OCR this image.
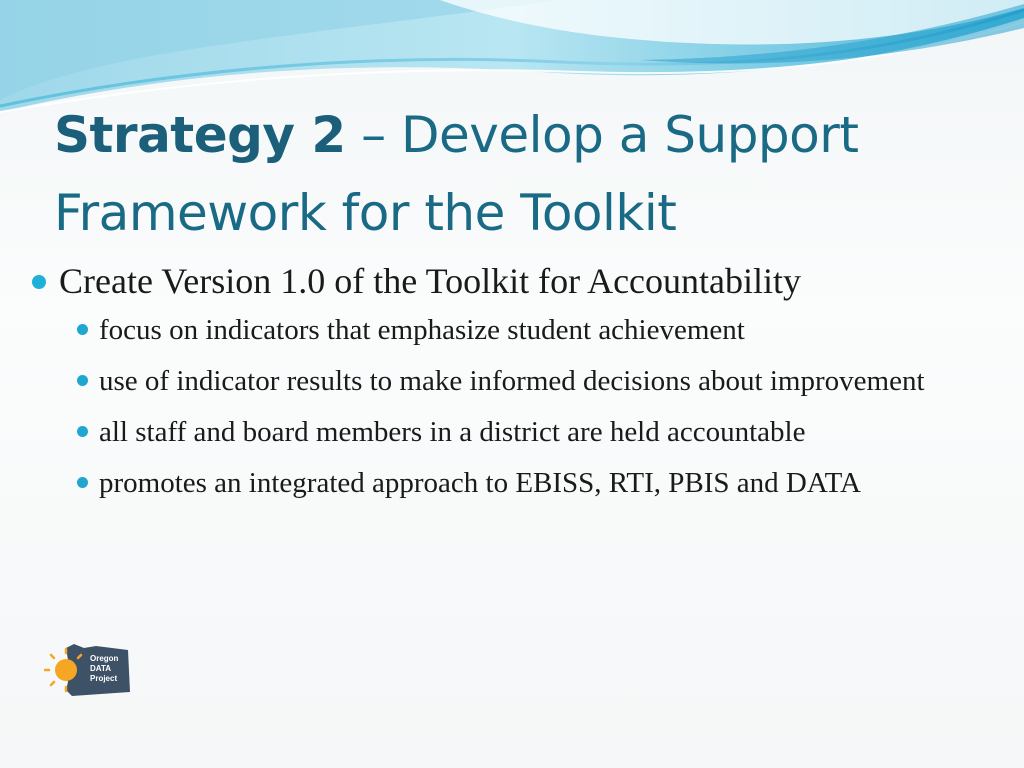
Strategy 2 – Develop a Support Framework for the Toolkit
Create Version 1.0 of the Toolkit for Accountability
focus on indicators that emphasize student achievement
use of indicator results to make informed decisions about improvement
all staff and board members in a district are held accountable
promotes an integrated approach to EBISS, RTI, PBIS and DATA
Oregon
DATA
Project
